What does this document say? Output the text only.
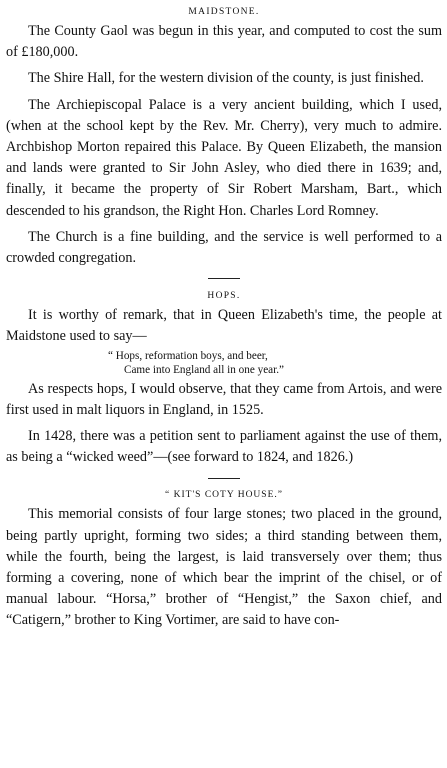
MAIDSTONE.

The County Gaol was begun in this year, and computed to cost the sum of £180,000.

The Shire Hall, for the western division of the county, is just finished.

The Archiepiscopal Palace is a very ancient building, which I used, (when at the school kept by the Rev. Mr. Cherry), very much to admire. Archbishop Morton repaired this Palace. By Queen Elizabeth, the mansion and lands were granted to Sir John Asley, who died there in 1639; and, finally, it became the property of Sir Robert Marsham, Bart., which descended to his grandson, the Right Hon. Charles Lord Romney.

The Church is a fine building, and the service is well performed to a crowded congregation.

HOPS.

It is worthy of remark, that in Queen Elizabeth's time, the people at Maidstone used to say—

“ Hops, reformation boys, and beer,
Came into England all in one year.”

As respects hops, I would observe, that they came from Artois, and were first used in malt liquors in England, in 1525.

In 1428, there was a petition sent to parliament against the use of them, as being a “wicked weed”—(see forward to 1824, and 1826.)

“ KIT'S COTY HOUSE.”

This memorial consists of four large stones; two placed in the ground, being partly upright, forming two sides; a third standing between them, while the fourth, being the largest, is laid transversely over them; thus forming a covering, none of which bear the imprint of the chisel, or of manual labour. “Horsa,” brother of “Hengist,” the Saxon chief, and “Catigern,” brother to King Vortimer, are said to have con-
